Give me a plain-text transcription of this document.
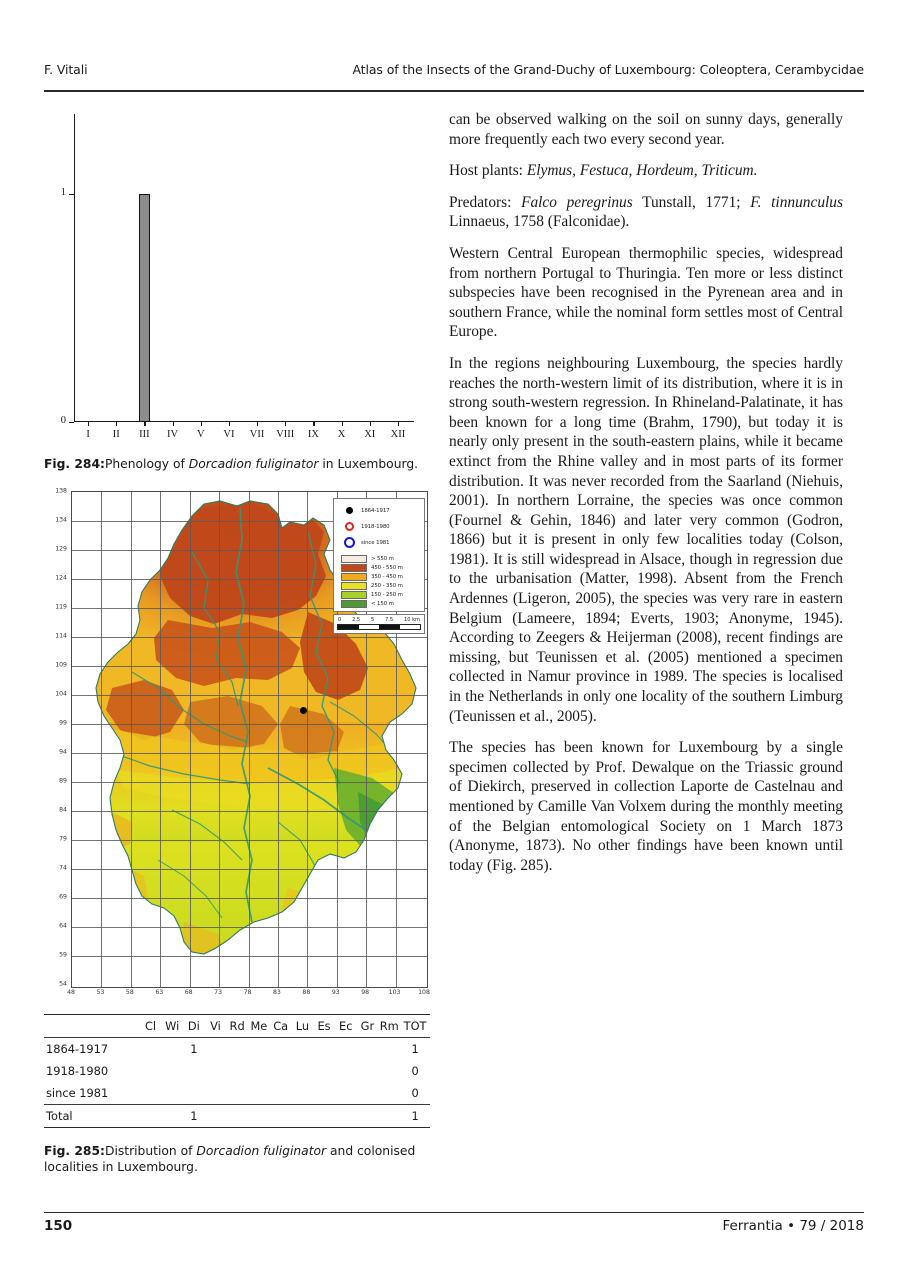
F. Vitali	Atlas of the Insects of the Grand-Duchy of Luxembourg: Coleoptera, Cerambycidae
0
1
I II III IV V VI VII VIII IX X XI XII

Fig. 284:Phenology of Dorcadion fuliginator in Luxembourg.

138
134
129
124
119
114
109
104
99
94
89
84
79
74
69
64
59
54
48	53	58	63	68	73	78	83	88	93	98	103	108
1864-1917
1918-1980
since 1981
> 550 m
450 - 550 m
350 - 450 m
250 - 350 m
150 - 250 m
< 150 m
0 2.5 5 7.5 10 km
	Cl	Wi	Di	Vi	Rd	Me	Ca	Lu	Es	Ec	Gr	Rm	TOT
1864-1917			1										1
1918-1980													0
since 1981													0
Total			1										1

Fig. 285:Distribution of Dorcadion fuliginator and colonised localities in Luxembourg.

can be observed walking on the soil on sunny days, generally more frequently each two every second year.

Host plants: Elymus, Festuca, Hordeum, Triticum.

Predators: Falco peregrinus Tunstall, 1771; F. tinnunculus Linnaeus, 1758 (Falconidae).

Western Central European thermophilic species, widespread from northern Portugal to Thuringia. Ten more or less distinct subspecies have been recognised in the Pyrenean area and in southern France, while the nominal form settles most of Central Europe.

In the regions neighbouring Luxembourg, the species hardly reaches the north-western limit of its distribution, where it is in strong south-western regression. In Rhineland-Palatinate, it has been known for a long time (Brahm, 1790), but today it is nearly only present in the south-eastern plains, while it became extinct from the Rhine valley and in most parts of its former distribution. It was never recorded from the Saarland (Niehuis, 2001). In northern Lorraine, the species was once common (Fournel & Gehin, 1846) and later very common (Godron, 1866) but it is present in only few localities today (Colson, 1981). It is still widespread in Alsace, though in regression due to the urbanisation (Matter, 1998). Absent from the French Ardennes (Ligeron, 2005), the species was very rare in eastern Belgium (Lameere, 1894; Everts, 1903; Anonyme, 1945). According to Zeegers & Heijerman (2008), recent findings are missing, but Teunissen et al. (2005) mentioned a specimen collected in Namur province in 1989. The species is localised in the Netherlands in only one locality of the southern Limburg (Teunissen et al., 2005).

The species has been known for Luxembourg by a single specimen collected by Prof. Dewalque on the Triassic ground of Diekirch, preserved in collection Laporte de Castelnau and mentioned by Camille Van Volxem during the monthly meeting of the Belgian entomological Society on 1 March 1873 (Anonyme, 1873). No other findings have been known until today (Fig. 285).

150	Ferrantia • 79 / 2018
